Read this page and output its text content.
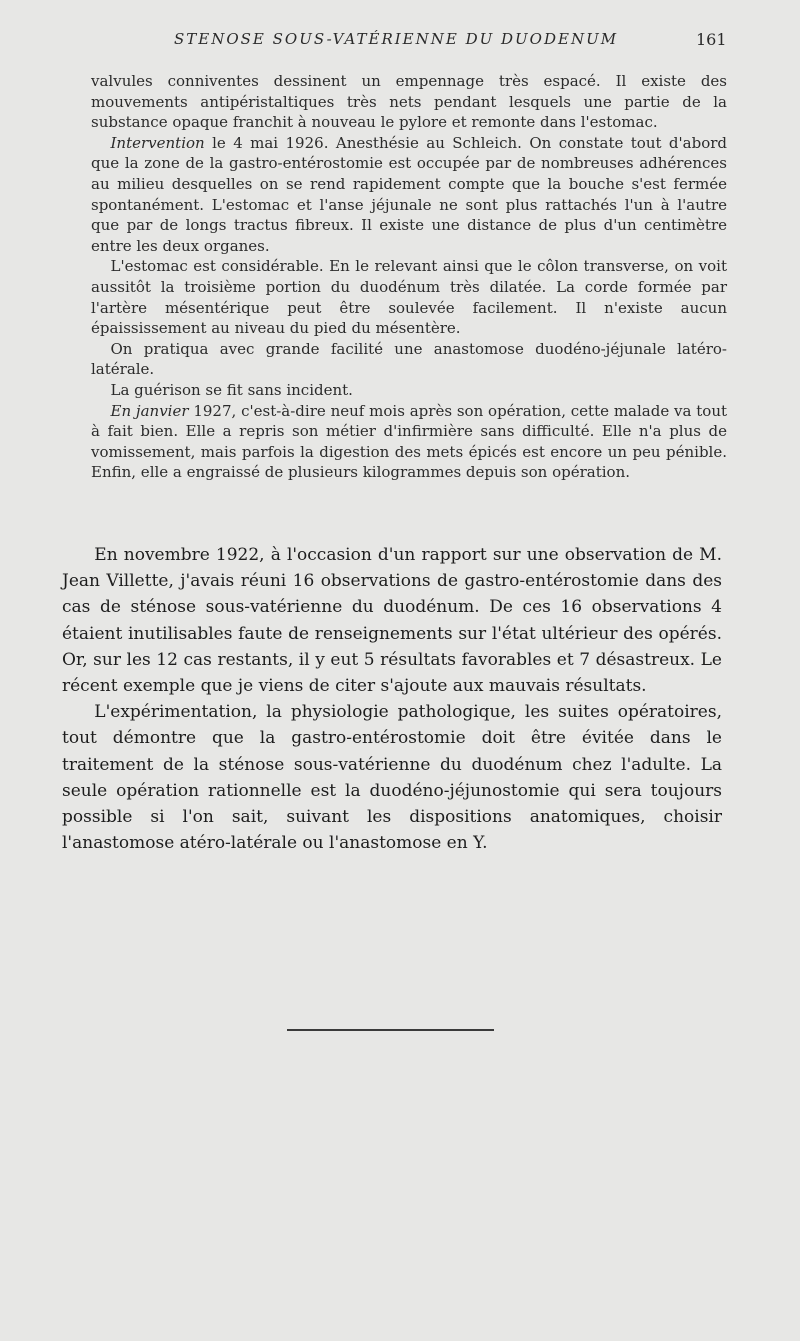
STENOSE SOUS-VATÉRIENNE DU DUODENUM	161

valvules conniventes dessinent un empennage très espacé. Il existe des mouvements antipéristaltiques très nets pendant lesquels une partie de la substance opaque franchit à nouveau le pylore et remonte dans l'estomac.

Intervention le 4 mai 1926. Anesthésie au Schleich. On constate tout d'abord que la zone de la gastro-entérostomie est occupée par de nombreuses adhérences au milieu desquelles on se rend rapidement compte que la bouche s'est fermée spontanément. L'estomac et l'anse jéjunale ne sont plus rattachés l'un à l'autre que par de longs tractus fibreux. Il existe une distance de plus d'un centimètre entre les deux organes.

L'estomac est considérable. En le relevant ainsi que le côlon transverse, on voit aussitôt la troisième portion du duodénum très dilatée. La corde formée par l'artère mésentérique peut être soulevée facilement. Il n'existe aucun épaississement au niveau du pied du mésentère.

On pratiqua avec grande facilité une anastomose duodéno-jéjunale latéro-latérale.

La guérison se fit sans incident.

En janvier 1927, c'est-à-dire neuf mois après son opération, cette malade va tout à fait bien. Elle a repris son métier d'infirmière sans difficulté. Elle n'a plus de vomissement, mais parfois la digestion des mets épicés est encore un peu pénible. Enfin, elle a engraissé de plusieurs kilogrammes depuis son opération.

En novembre 1922, à l'occasion d'un rapport sur une observation de M. Jean Villette, j'avais réuni 16 observations de gastro-entérostomie dans des cas de sténose sous-vatérienne du duodénum. De ces 16 observations 4 étaient inutilisables faute de renseignements sur l'état ultérieur des opérés. Or, sur les 12 cas restants, il y eut 5 résultats favorables et 7 désastreux. Le récent exemple que je viens de citer s'ajoute aux mauvais résultats.

L'expérimentation, la physiologie pathologique, les suites opératoires, tout démontre que la gastro-entérostomie doit être évitée dans le traitement de la sténose sous-vatérienne du duodénum chez l'adulte. La seule opération rationnelle est la duodéno-jéjunostomie qui sera toujours possible si l'on sait, suivant les dispositions anatomiques, choisir l'anastomose atéro-latérale ou l'anastomose en Y.
